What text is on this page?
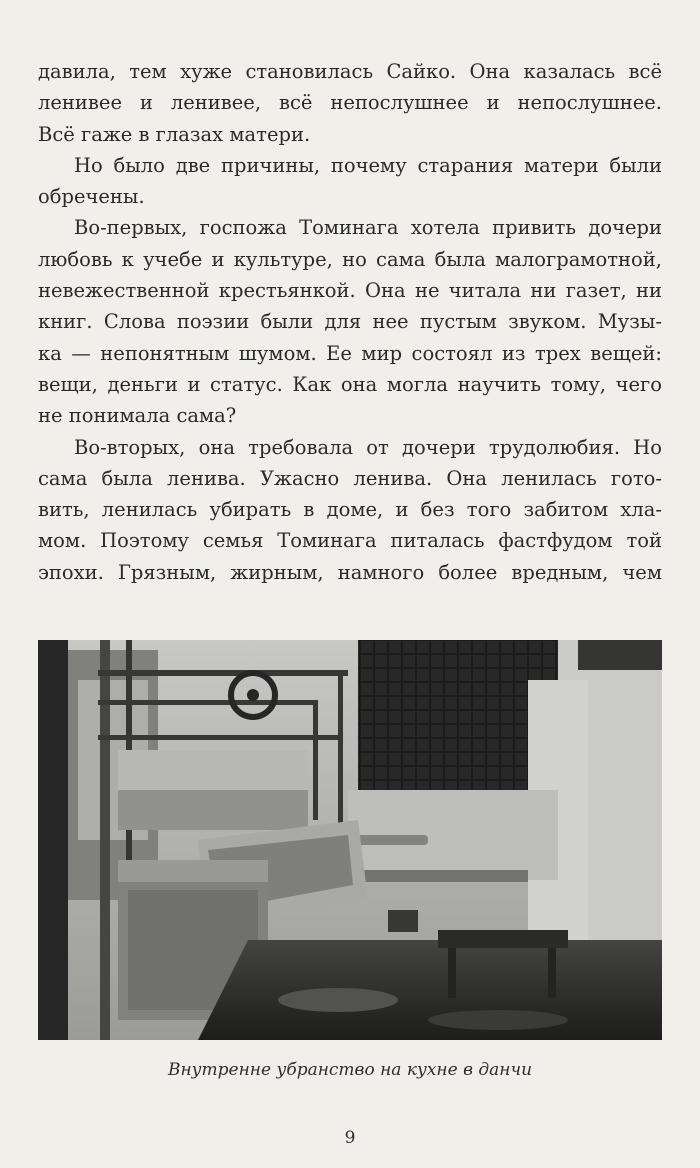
давила, тем хуже становилась Сайко. Она казалась всё
ленивее и ленивее, всё непослушнее и непослушнее.
Всё гаже в глазах матери.
Но было две причины, почему старания матери были
обречены.
Во-первых, госпожа Томинага хотела привить дочери
любовь к учебе и культуре, но сама была малограмотной,
невежественной крестьянкой. Она не читала ни газет, ни
книг. Слова поэзии были для нее пустым звуком. Музы-
ка — непонятным шумом. Ее мир состоял из трех вещей:
вещи, деньги и статус. Как она могла научить тому, чего
не понимала сама?
Во-вторых, она требовала от дочери трудолюбия. Но
сама была ленива. Ужасно ленива. Она ленилась гото-
вить, ленилась убирать в доме, и без того забитом хла-
мом. Поэтому семья Томинага питалась фастфудом той
эпохи. Грязным, жирным, намного более вредным, чем

Внутренне убранство на кухне в данчи
9
